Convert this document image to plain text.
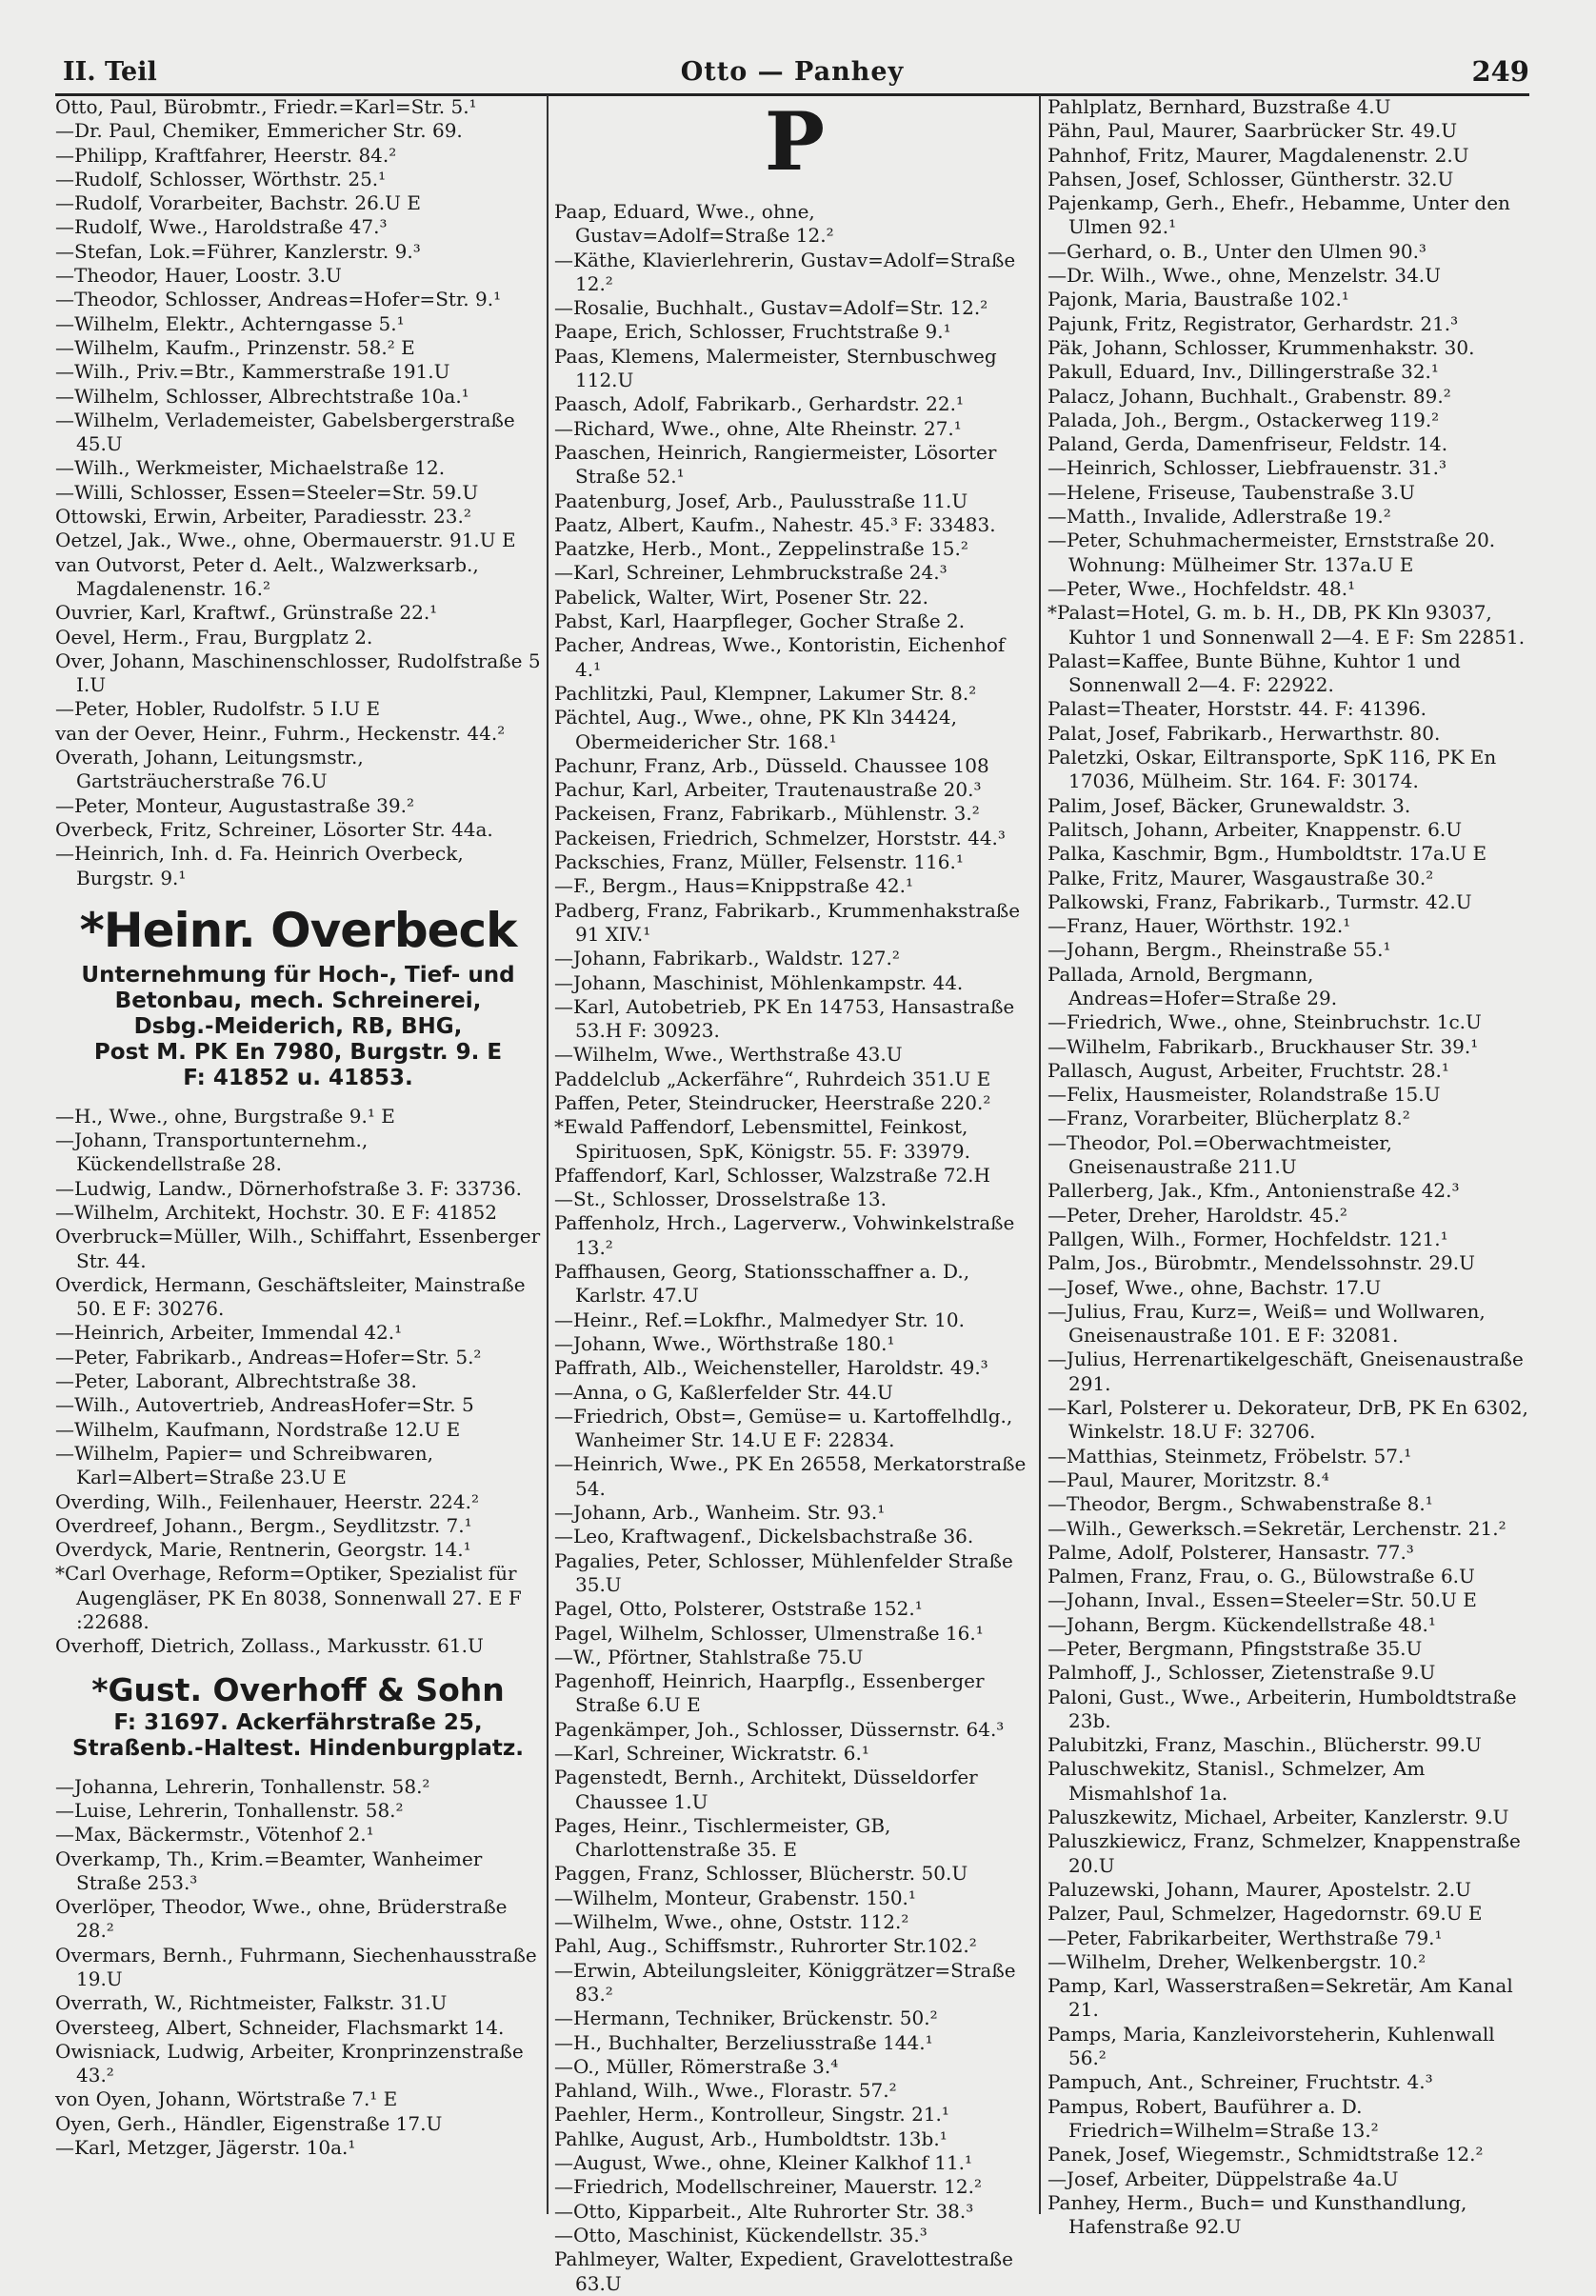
II. Teil	Otto — Panhey	249

Otto, Paul, Bürobmtr., Friedr.=Karl=Str. 5.¹

—Dr. Paul, Chemiker, Emmericher Str. 69.

—Philipp, Kraftfahrer, Heerstr. 84.²

—Rudolf, Schlosser, Wörthstr. 25.¹

—Rudolf, Vorarbeiter, Bachstr. 26.U E

—Rudolf, Wwe., Haroldstraße 47.³

—Stefan, Lok.=Führer, Kanzlerstr. 9.³

—Theodor, Hauer, Loostr. 3.U

—Theodor, Schlosser, Andreas=Hofer=Str. 9.¹

—Wilhelm, Elektr., Achterngasse 5.¹

—Wilhelm, Kaufm., Prinzenstr. 58.² E

—Wilh., Priv.=Btr., Kammerstraße 191.U

—Wilhelm, Schlosser, Albrechtstraße 10a.¹

—Wilhelm, Verlademeister, Gabelsbergerstraße 45.U

—Wilh., Werkmeister, Michaelstraße 12.

—Willi, Schlosser, Essen=Steeler=Str. 59.U

Ottowski, Erwin, Arbeiter, Paradiesstr. 23.²

Oetzel, Jak., Wwe., ohne, Obermauerstr. 91.U E

van Outvorst, Peter d. Aelt., Walzwerksarb., Magdalenenstr. 16.²

Ouvrier, Karl, Kraftwf., Grünstraße 22.¹

Oevel, Herm., Frau, Burgplatz 2.

Over, Johann, Maschinenschlosser, Rudolfstraße 5 I.U

—Peter, Hobler, Rudolfstr. 5 I.U E

van der Oever, Heinr., Fuhrm., Heckenstr. 44.²

Overath, Johann, Leitungsmstr., Gartsträucherstraße 76.U

—Peter, Monteur, Augustastraße 39.²

Overbeck, Fritz, Schreiner, Lösorter Str. 44a.

—Heinrich, Inh. d. Fa. Heinrich Overbeck, Burgstr. 9.¹

*Heinr. Overbeck
Unternehmung für Hoch-, Tief- und
Betonbau, mech. Schreinerei,
Dsbg.-Meiderich, RB, BHG,
Post M. PK En 7980, Burgstr. 9. E
F: 41852 u. 41853.

—H., Wwe., ohne, Burgstraße 9.¹ E

—Johann, Transportunternehm., Kückendellstraße 28.

—Ludwig, Landw., Dörnerhofstraße 3. F: 33736.

—Wilhelm, Architekt, Hochstr. 30. E F: 41852

Overbruck=Müller, Wilh., Schiffahrt, Essenberger Str. 44.

Overdick, Hermann, Geschäftsleiter, Mainstraße 50. E F: 30276.

—Heinrich, Arbeiter, Immendal 42.¹

—Peter, Fabrikarb., Andreas=Hofer=Str. 5.²

—Peter, Laborant, Albrechtstraße 38.

—Wilh., Autovertrieb, AndreasHofer=Str. 5

—Wilhelm, Kaufmann, Nordstraße 12.U E

—Wilhelm, Papier= und Schreibwaren, Karl=Albert=Straße 23.U E

Overding, Wilh., Feilenhauer, Heerstr. 224.²

Overdreef, Johann., Bergm., Seydlitzstr. 7.¹

Overdyck, Marie, Rentnerin, Georgstr. 14.¹

*Carl Overhage, Reform=Optiker, Spezialist für Augengläser, PK En 8038, Sonnenwall 27. E F :22688.

Overhoff, Dietrich, Zollass., Markusstr. 61.U

*Gust. Overhoff & Sohn
F: 31697. Ackerfährstraße 25,
Straßenb.-Haltest. Hindenburgplatz.

—Johanna, Lehrerin, Tonhallenstr. 58.²

—Luise, Lehrerin, Tonhallenstr. 58.²

—Max, Bäckermstr., Vötenhof 2.¹

Overkamp, Th., Krim.=Beamter, Wanheimer Straße 253.³

Overlöper, Theodor, Wwe., ohne, Brüderstraße 28.²

Overmars, Bernh., Fuhrmann, Siechenhausstraße 19.U

Overrath, W., Richtmeister, Falkstr. 31.U

Oversteeg, Albert, Schneider, Flachsmarkt 14.

Owisniack, Ludwig, Arbeiter, Kronprinzenstraße 43.²

von Oyen, Johann, Wörtstraße 7.¹ E

Oyen, Gerh., Händler, Eigenstraße 17.U

—Karl, Metzger, Jägerstr. 10a.¹

P

Paap, Eduard, Wwe., ohne, Gustav=Adolf=Straße 12.²

—Käthe, Klavierlehrerin, Gustav=Adolf=Straße 12.²

—Rosalie, Buchhalt., Gustav=Adolf=Str. 12.²

Paape, Erich, Schlosser, Fruchtstraße 9.¹

Paas, Klemens, Malermeister, Sternbuschweg 112.U

Paasch, Adolf, Fabrikarb., Gerhardstr. 22.¹

—Richard, Wwe., ohne, Alte Rheinstr. 27.¹

Paaschen, Heinrich, Rangiermeister, Lösorter Straße 52.¹

Paatenburg, Josef, Arb., Paulusstraße 11.U

Paatz, Albert, Kaufm., Nahestr. 45.³ F: 33483.

Paatzke, Herb., Mont., Zeppelinstraße 15.²

—Karl, Schreiner, Lehmbruckstraße 24.³

Pabelick, Walter, Wirt, Posener Str. 22.

Pabst, Karl, Haarpfleger, Gocher Straße 2.

Pacher, Andreas, Wwe., Kontoristin, Eichenhof 4.¹

Pachlitzki, Paul, Klempner, Lakumer Str. 8.²

Pächtel, Aug., Wwe., ohne, PK Kln 34424, Obermeidericher Str. 168.¹

Pachunr, Franz, Arb., Düsseld. Chaussee 108

Pachur, Karl, Arbeiter, Trautenaustraße 20.³

Packeisen, Franz, Fabrikarb., Mühlenstr. 3.²

Packeisen, Friedrich, Schmelzer, Horststr. 44.³

Packschies, Franz, Müller, Felsenstr. 116.¹

—F., Bergm., Haus=Knippstraße 42.¹

Padberg, Franz, Fabrikarb., Krummenhakstraße 91 XIV.¹

—Johann, Fabrikarb., Waldstr. 127.²

—Johann, Maschinist, Möhlenkampstr. 44.

—Karl, Autobetrieb, PK En 14753, Hansastraße 53.H F: 30923.

—Wilhelm, Wwe., Werthstraße 43.U

Paddelclub „Ackerfähre“, Ruhrdeich 351.U E

Paffen, Peter, Steindrucker, Heerstraße 220.²

*Ewald Paffendorf, Lebensmittel, Feinkost, Spirituosen, SpK, Königstr. 55. F: 33979.

Pfaffendorf, Karl, Schlosser, Walzstraße 72.H

—St., Schlosser, Drosselstraße 13.

Paffenholz, Hrch., Lagerverw., Vohwinkelstraße 13.²

Paffhausen, Georg, Stationsschaffner a. D., Karlstr. 47.U

—Heinr., Ref.=Lokfhr., Malmedyer Str. 10.

—Johann, Wwe., Wörthstraße 180.¹

Paffrath, Alb., Weichensteller, Haroldstr. 49.³

—Anna, o G, Kaßlerfelder Str. 44.U

—Friedrich, Obst=, Gemüse= u. Kartoffelhdlg., Wanheimer Str. 14.U E F: 22834.

—Heinrich, Wwe., PK En 26558, Merkatorstraße 54.

—Johann, Arb., Wanheim. Str. 93.¹

—Leo, Kraftwagenf., Dickelsbachstraße 36.

Pagalies, Peter, Schlosser, Mühlenfelder Straße 35.U

Pagel, Otto, Polsterer, Oststraße 152.¹

Pagel, Wilhelm, Schlosser, Ulmenstraße 16.¹

—W., Pförtner, Stahlstraße 75.U

Pagenhoff, Heinrich, Haarpflg., Essenberger Straße 6.U E

Pagenkämper, Joh., Schlosser, Düssernstr. 64.³

—Karl, Schreiner, Wickratstr. 6.¹

Pagenstedt, Bernh., Architekt, Düsseldorfer Chaussee 1.U

Pages, Heinr., Tischlermeister, GB, Charlottenstraße 35. E

Paggen, Franz, Schlosser, Blücherstr. 50.U

—Wilhelm, Monteur, Grabenstr. 150.¹

—Wilhelm, Wwe., ohne, Oststr. 112.²

Pahl, Aug., Schiffsmstr., Ruhrorter Str.102.²

—Erwin, Abteilungsleiter, Königgrätzer=Straße 83.²

—Hermann, Techniker, Brückenstr. 50.²

—H., Buchhalter, Berzeliusstraße 144.¹

—O., Müller, Römerstraße 3.⁴

Pahland, Wilh., Wwe., Florastr. 57.²

Paehler, Herm., Kontrolleur, Singstr. 21.¹

Pahlke, August, Arb., Humboldtstr. 13b.¹

—August, Wwe., ohne, Kleiner Kalkhof 11.¹

—Friedrich, Modellschreiner, Mauerstr. 12.²

—Otto, Kipparbeit., Alte Ruhrorter Str. 38.³

—Otto, Maschinist, Kückendellstr. 35.³

Pahlmeyer, Walter, Expedient, Gravelottestraße 63.U

Pahlplatz, Bernhard, Buzstraße 4.U

Pähn, Paul, Maurer, Saarbrücker Str. 49.U

Pahnhof, Fritz, Maurer, Magdalenenstr. 2.U

Pahsen, Josef, Schlosser, Güntherstr. 32.U

Pajenkamp, Gerh., Ehefr., Hebamme, Unter den Ulmen 92.¹

—Gerhard, o. B., Unter den Ulmen 90.³

—Dr. Wilh., Wwe., ohne, Menzelstr. 34.U

Pajonk, Maria, Baustraße 102.¹

Pajunk, Fritz, Registrator, Gerhardstr. 21.³

Päk, Johann, Schlosser, Krummenhakstr. 30.

Pakull, Eduard, Inv., Dillingerstraße 32.¹

Palacz, Johann, Buchhalt., Grabenstr. 89.²

Palada, Joh., Bergm., Ostackerweg 119.²

Paland, Gerda, Damenfriseur, Feldstr. 14.

—Heinrich, Schlosser, Liebfrauenstr. 31.³

—Helene, Friseuse, Taubenstraße 3.U

—Matth., Invalide, Adlerstraße 19.²

—Peter, Schuhmachermeister, Ernststraße 20. Wohnung: Mülheimer Str. 137a.U E

—Peter, Wwe., Hochfeldstr. 48.¹

*Palast=Hotel, G. m. b. H., DB, PK Kln 93037, Kuhtor 1 und Sonnenwall 2—4. E F: Sm 22851.

Palast=Kaffee, Bunte Bühne, Kuhtor 1 und Sonnenwall 2—4. F: 22922.

Palast=Theater, Horststr. 44. F: 41396.

Palat, Josef, Fabrikarb., Herwarthstr. 80.

Paletzki, Oskar, Eiltransporte, SpK 116, PK En 17036, Mülheim. Str. 164. F: 30174.

Palim, Josef, Bäcker, Grunewaldstr. 3.

Palitsch, Johann, Arbeiter, Knappenstr. 6.U

Palka, Kaschmir, Bgm., Humboldtstr. 17a.U E

Palke, Fritz, Maurer, Wasgaustraße 30.²

Palkowski, Franz, Fabrikarb., Turmstr. 42.U

—Franz, Hauer, Wörthstr. 192.¹

—Johann, Bergm., Rheinstraße 55.¹

Pallada, Arnold, Bergmann, Andreas=Hofer=Straße 29.

—Friedrich, Wwe., ohne, Steinbruchstr. 1c.U

—Wilhelm, Fabrikarb., Bruckhauser Str. 39.¹

Pallasch, August, Arbeiter, Fruchtstr. 28.¹

—Felix, Hausmeister, Rolandstraße 15.U

—Franz, Vorarbeiter, Blücherplatz 8.²

—Theodor, Pol.=Oberwachtmeister, Gneisenaustraße 211.U

Pallerberg, Jak., Kfm., Antonienstraße 42.³

—Peter, Dreher, Haroldstr. 45.²

Pallgen, Wilh., Former, Hochfeldstr. 121.¹

Palm, Jos., Bürobmtr., Mendelssohnstr. 29.U

—Josef, Wwe., ohne, Bachstr. 17.U

—Julius, Frau, Kurz=, Weiß= und Wollwaren, Gneisenaustraße 101. E F: 32081.

—Julius, Herrenartikelgeschäft, Gneisenaustraße 291.

—Karl, Polsterer u. Dekorateur, DrB, PK En 6302, Winkelstr. 18.U F: 32706.

—Matthias, Steinmetz, Fröbelstr. 57.¹

—Paul, Maurer, Moritzstr. 8.⁴

—Theodor, Bergm., Schwabenstraße 8.¹

—Wilh., Gewerksch.=Sekretär, Lerchenstr. 21.²

Palme, Adolf, Polsterer, Hansastr. 77.³

Palmen, Franz, Frau, o. G., Bülowstraße 6.U

—Johann, Inval., Essen=Steeler=Str. 50.U E

—Johann, Bergm. Kückendellstraße 48.¹

—Peter, Bergmann, Pfingststraße 35.U

Palmhoff, J., Schlosser, Zietenstraße 9.U

Paloni, Gust., Wwe., Arbeiterin, Humboldtstraße 23b.

Palubitzki, Franz, Maschin., Blücherstr. 99.U

Paluschwekitz, Stanisl., Schmelzer, Am Mismahlshof 1a.

Paluszkewitz, Michael, Arbeiter, Kanzlerstr. 9.U

Paluszkiewicz, Franz, Schmelzer, Knappenstraße 20.U

Paluzewski, Johann, Maurer, Apostelstr. 2.U

Palzer, Paul, Schmelzer, Hagedornstr. 69.U E

—Peter, Fabrikarbeiter, Werthstraße 79.¹

—Wilhelm, Dreher, Welkenbergstr. 10.²

Pamp, Karl, Wasserstraßen=Sekretär, Am Kanal 21.

Pamps, Maria, Kanzleivorsteherin, Kuhlenwall 56.²

Pampuch, Ant., Schreiner, Fruchtstr. 4.³

Pampus, Robert, Bauführer a. D. Friedrich=Wilhelm=Straße 13.²

Panek, Josef, Wiegemstr., Schmidtstraße 12.²

—Josef, Arbeiter, Düppelstraße 4a.U

Panhey, Herm., Buch= und Kunsthandlung, Hafenstraße 92.U
